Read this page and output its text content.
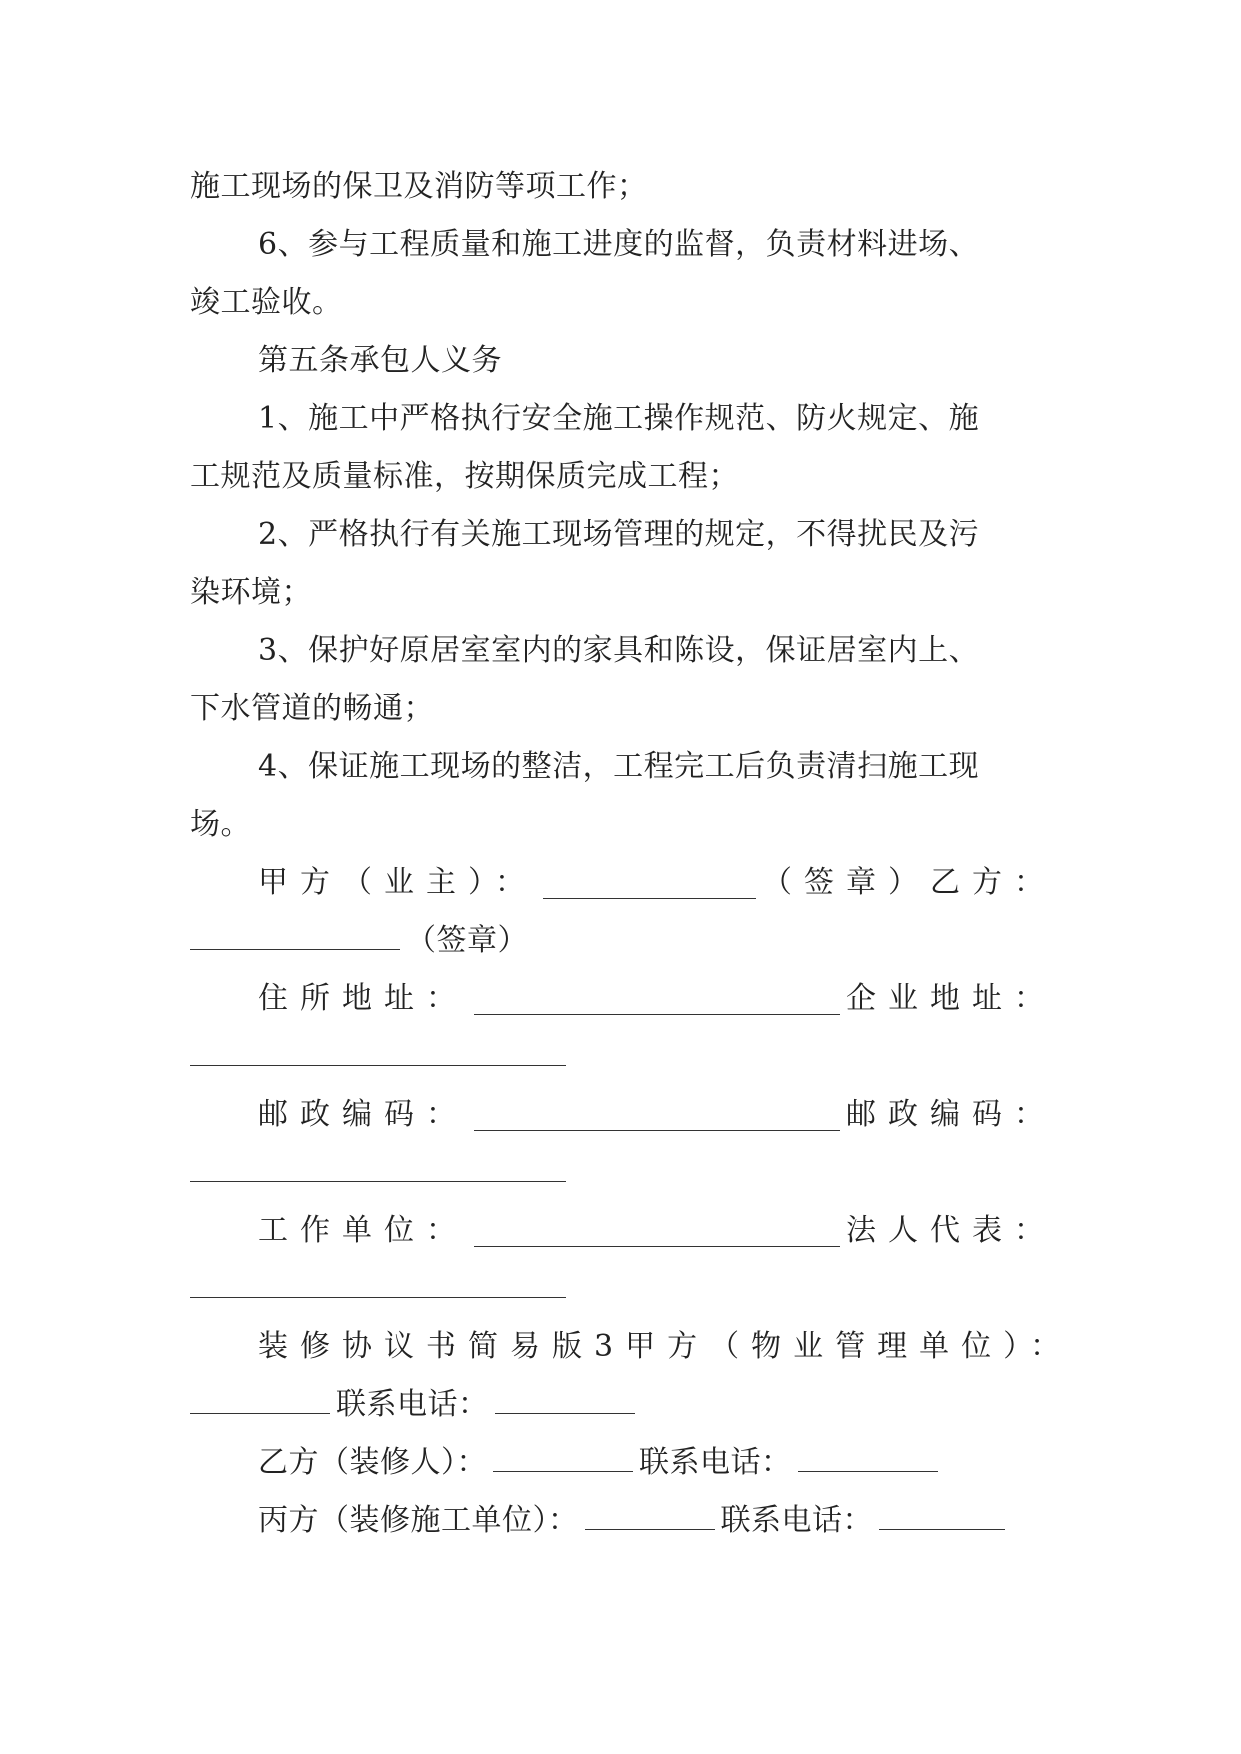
施工现场的保卫及消防等项工作；
6、参与工程质量和施工进度的监督，负责材料进场、
竣工验收。
第五条承包人义务
1、施工中严格执行安全施工操作规范、防火规定、施
工规范及质量标准，按期保质完成工程；
2、严格执行有关施工现场管理的规定，不得扰民及污
染环境；
3、保护好原居室室内的家具和陈设，保证居室内上、
下水管道的畅通；
4、保证施工现场的整洁，工程完工后负责清扫施工现
场。
甲方（业主）：	（签章） 乙方：
（签章）
住所地址：	企业地址：
邮政编码：	邮政编码：
工作单位：	法人代表：
装修协议书简易版3 甲方（物业管理单位）：
联系电话：
乙方（装修人）：	联系电话：
丙方（装修施工单位）：	联系电话：
